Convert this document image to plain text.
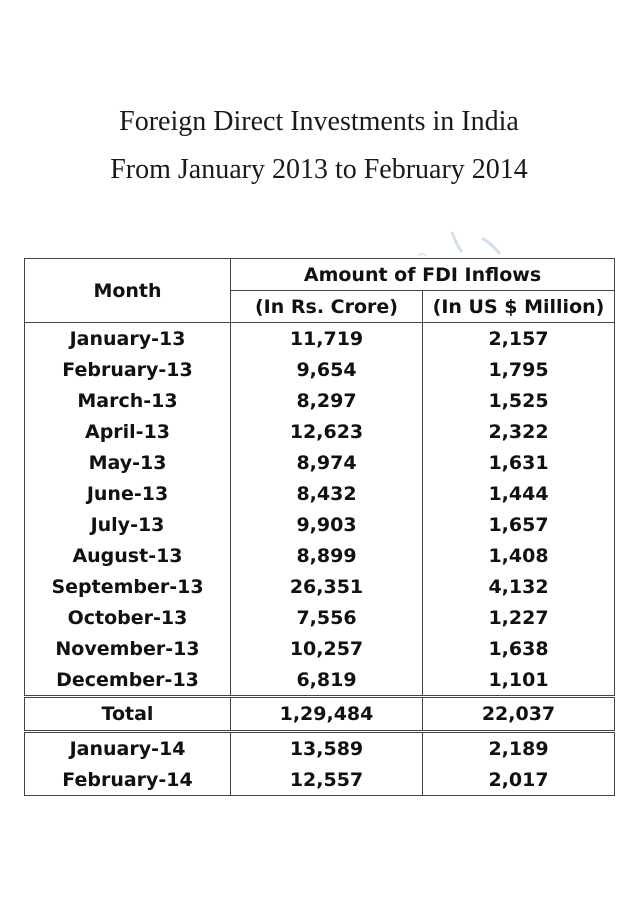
Foreign Direct Investments in India
From January 2013 to February 2014
Month	Amount of FDI Inflows	
	(In Rs. Crore)	(In US $ Million)
January-13	11,719	2,157
February-13	9,654	1,795
March-13	8,297	1,525
April-13	12,623	2,322
May-13	8,974	1,631
June-13	8,432	1,444
July-13	9,903	1,657
August-13	8,899	1,408
September-13	26,351	4,132
October-13	7,556	1,227
November-13	10,257	1,638
December-13	6,819	1,101
Total	1,29,484	22,037
January-14	13,589	2,189
February-14	12,557	2,017
